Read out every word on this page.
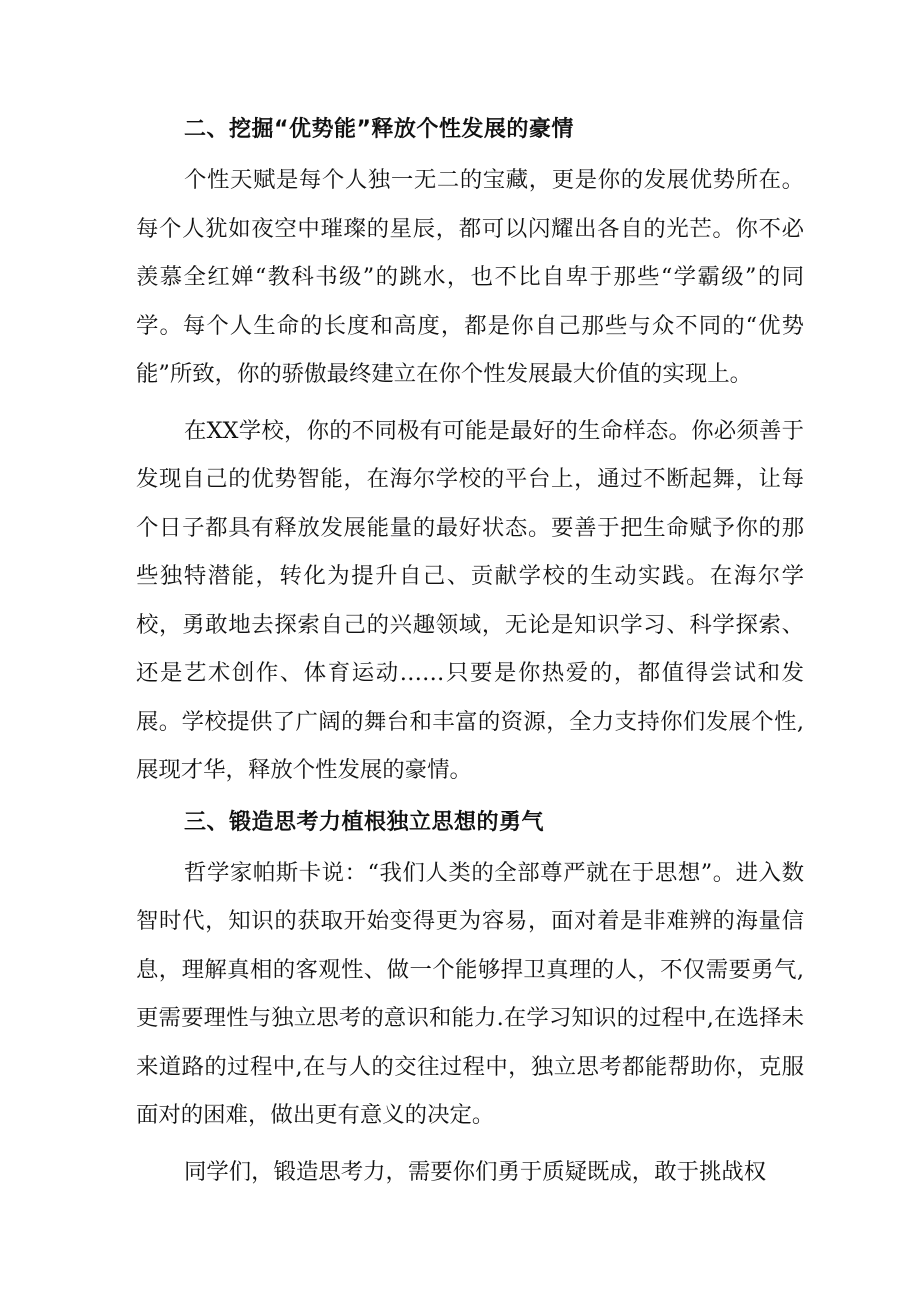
二、挖掘“优势能”释放个性发展的豪情

个性天赋是每个人独一无二的宝藏，更是你的发展优势所在。每个人犹如夜空中璀璨的星辰，都可以闪耀出各自的光芒。你不必羡慕全红婵“教科书级”的跳水，也不比自卑于那些“学霸级”的同学。每个人生命的长度和高度，都是你自己那些与众不同的“优势能”所致，你的骄傲最终建立在你个性发展最大价值的实现上。

在XX学校，你的不同极有可能是最好的生命样态。你必须善于发现自己的优势智能，在海尔学校的平台上，通过不断起舞，让每个日子都具有释放发展能量的最好状态。要善于把生命赋予你的那些独特潜能，转化为提升自己、贡献学校的生动实践。在海尔学校，勇敢地去探索自己的兴趣领域，无论是知识学习、科学探索、还是艺术创作、体育运动……只要是你热爱的，都值得尝试和发展。学校提供了广阔的舞台和丰富的资源，全力支持你们发展个性,展现才华，释放个性发展的豪情。

三、锻造思考力植根独立思想的勇气

哲学家帕斯卡说：“我们人类的全部尊严就在于思想”。进入数智时代，知识的获取开始变得更为容易，面对着是非难辨的海量信息，理解真相的客观性、做一个能够捍卫真理的人，不仅需要勇气,更需要理性与独立思考的意识和能力.在学习知识的过程中,在选择未来道路的过程中,在与人的交往过程中，独立思考都能帮助你，克服面对的困难，做出更有意义的决定。

同学们，锻造思考力，需要你们勇于质疑既成，敢于挑战权
